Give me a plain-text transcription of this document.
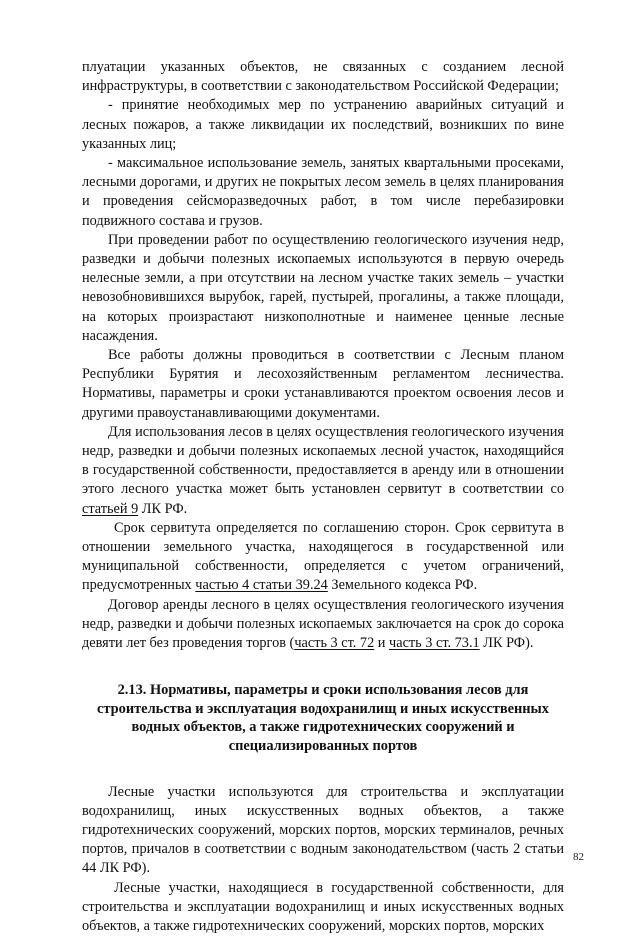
плуатации указанных объектов, не связанных с созданием лесной инфраструктуры, в соответствии с законодательством Российской Федерации;

- принятие необходимых мер по устранению аварийных ситуаций и лесных пожаров, а также ликвидации их последствий, возникших по вине указанных лиц;

- максимальное использование земель, занятых квартальными просеками, лесными дорогами, и других не покрытых лесом земель в целях планирования и проведения сейсморазведочных работ, в том числе перебазировки подвижного состава и грузов.

При проведении работ по осуществлению геологического изучения недр, разведки и добычи полезных ископаемых используются в первую очередь нелесные земли, а при отсутствии на лесном участке таких земель – участки невозобновившихся вырубок, гарей, пустырей, прогалины, а также площади, на которых произрастают низкополнотные и наименее ценные лесные насаждения.

Все работы должны проводиться в соответствии с Лесным планом Республики Бурятия и лесохозяйственным регламентом лесничества. Нормативы, параметры и сроки устанавливаются проектом освоения лесов и другими правоустанавливающими документами.

Для использования лесов в целях осуществления геологического изучения недр, разведки и добычи полезных ископаемых лесной участок, находящийся в государственной собственности, предоставляется в аренду или в отношении этого лесного участка может быть установлен сервитут в соответствии со статьей 9 ЛК РФ.

Срок сервитута определяется по соглашению сторон. Срок сервитута в отношении земельного участка, находящегося в государственной или муниципальной собственности, определяется с учетом ограничений, предусмотренных частью 4 статьи 39.24 Земельного кодекса РФ.

Договор аренды лесного в целях осуществления геологического изучения недр, разведки и добычи полезных ископаемых заключается на срок до сорока девяти лет без проведения торгов (часть 3 ст. 72 и часть 3 ст. 73.1 ЛК РФ).

2.13. Нормативы, параметры и сроки использования лесов для строительства и эксплуатация водохранилищ и иных искусственных водных объектов, а также гидротехнических сооружений и специализированных портов

Лесные участки используются для строительства и эксплуатации водохранилищ, иных искусственных водных объектов, а также гидротехнических сооружений, морских портов, морских терминалов, речных портов, причалов в соответствии с водным законодательством (часть 2 статьи 44 ЛК РФ).

Лесные участки, находящиеся в государственной собственности, для строительства и эксплуатации водохранилищ и иных искусственных водных объектов, а также гидротехнических сооружений, морских портов, морских

82
